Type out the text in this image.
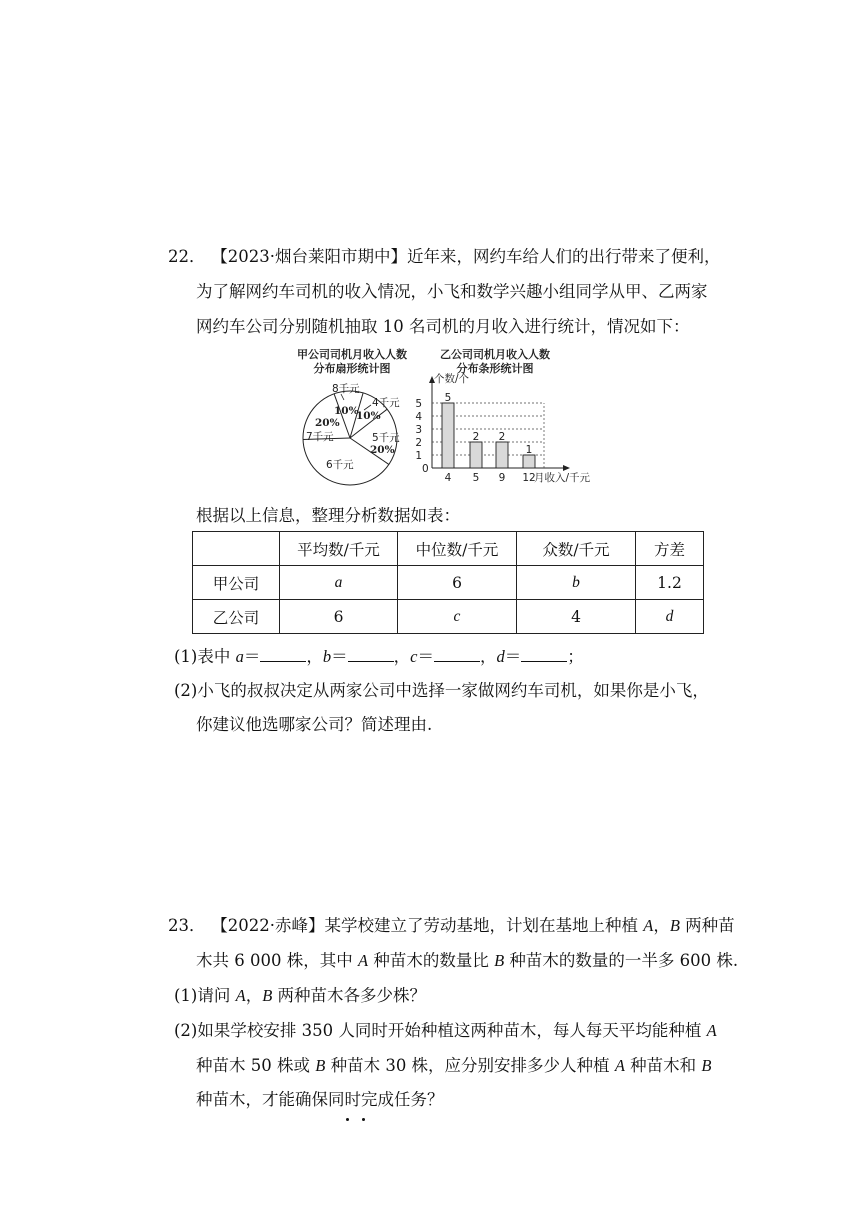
22． 【2023·烟台莱阳市期中】近年来，网约车给人们的出行带来了便利，
为了解网约车司机的收入情况，小飞和数学兴趣小组同学从甲、乙两家
网约车公司分别随机抽取 10 名司机的月收入进行统计，情况如下：
甲公司司机月收入人数
分布扇形统计图
8千元
10%
4千元
10%
20%
7千元	5千元
20%
6千元
乙公司司机月收入人数
分布条形统计图
个数/个
月收入/千元
0
1
2
3
4
5 5
4
2
5
2
9
1
12
根据以上信息，整理分析数据如表：
	平均数/千元	中位数/千元	众数/千元	方差
甲公司	a	6	b	1.2
乙公司	6	c	4	d
(1)表中 a＝	，b＝	，c＝	，d＝	；
(2)小飞的叔叔决定从两家公司中选择一家做网约车司机，如果你是小飞，
你建议他选哪家公司？简述理由.
23． 【2022·赤峰】某学校建立了劳动基地，计划在基地上种植 A，B 两种苗
木共 6 000 株，其中 A 种苗木的数量比 B 种苗木的数量的一半多 600 株.
(1)请问 A，B 两种苗木各多少株？
(2)如果学校安排 350 人同时开始种植这两种苗木，每人每天平均能种植 A
种苗木 50 株或 B 种苗木 30 株，应分别安排多少人种植 A 种苗木和 B
种苗木，才能确保同时完成任务？
